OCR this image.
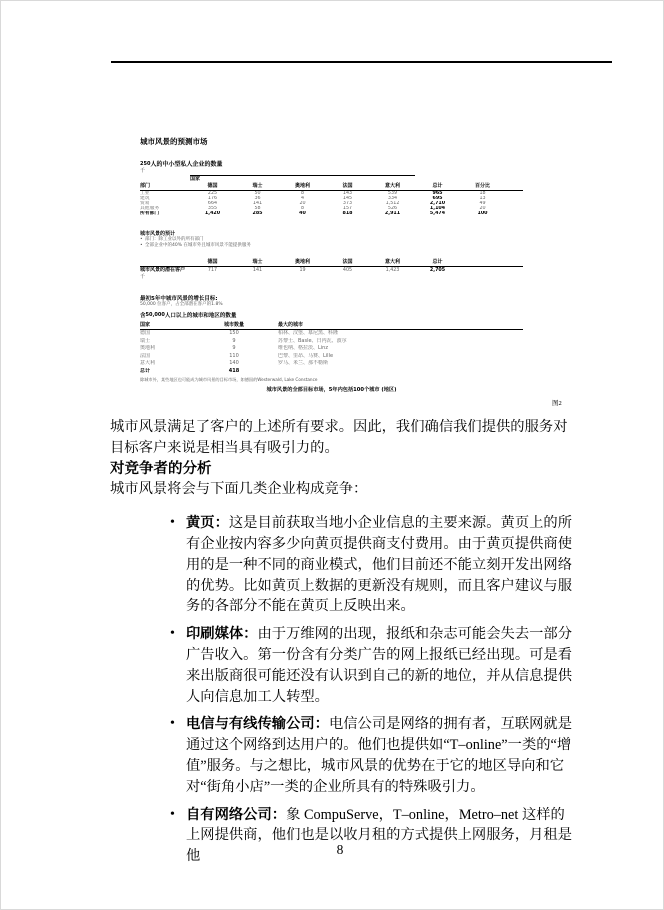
城市风景的预测市场
$^{250}$人的中小型私人企业的数量
千
	国家							
部门	德国	瑞士	奥地利	法国	意大利	总计	百分比	
工业	225	50	8	143	539	965	18	
建筑	176	36	4	145	334	695	13	
贸易	664	141	20	373	1,512	2,710	49	
其他服务	355	58	8	157	526	1,104	20	
所有部门	1,420	285	40	818	2,911	5,474	100	
城市风景的预计
• 部门：除工业以外的所有部门
• 全部企业中的40% 在城市外且城市风景不能提供服务
	德国	瑞士	奥地利	法国	意大利	总计	
城市风景的潜在客户	717	141	19	405	1,423	2,705	
千
最初5年中城市风景的增长目标:
50,000 位客户，占全部潜在客户的1.8%
含50,000人口以上的城市和地区的数量
国家	城市数量		最大的城市
德国	150		柏林、汉堡、慕尼黑、科隆
瑞士	9		苏黎士、Basle、日内瓦、波尔
奥地利	9		维也纳、格拉茨、Linz
法国	110		巴黎、里昂、马赛、Lille
意大利	140		罗马、米兰、那不勒斯
总计	418		
除城市外，某些地区也可能成为城市风景的目标市场，如德国的Westerwald, Lake Constance
城市风景的全部目标市场，5年内包括100个城市 (地区)
图2

城市风景满足了客户的上述所有要求。因此，我们确信我们提供的服务对目标客户来说是相当具有吸引力的。

对竞争者的分析

城市风景将会与下面几类企业构成竞争：

• 黄页：这是目前获取当地小企业信息的主要来源。黄页上的所有企业按内容多少向黄页提供商支付费用。由于黄页提供商使用的是一种不同的商业模式，他们目前还不能立刻开发出网络的优势。比如黄页上数据的更新没有规则，而且客户建议与服务的各部分不能在黄页上反映出来。
• 印刷媒体：由于万维网的出现，报纸和杂志可能会失去一部分广告收入。第一份含有分类广告的网上报纸已经出现。可是看来出版商很可能还没有认识到自己的新的地位，并从信息提供人向信息加工人转型。
• 电信与有线传输公司：电信公司是网络的拥有者，互联网就是通过这个网络到达用户的。他们也提供如“T–online”一类的“增值”服务。与之想比，城市风景的优势在于它的地区导向和它对“街角小店”一类的企业所具有的特殊吸引力。
• 自有网络公司：象 CompuServe，T–online，Metro–net 这样的上网提供商，他们也是以收月租的方式提供上网服务，月租是他	8
